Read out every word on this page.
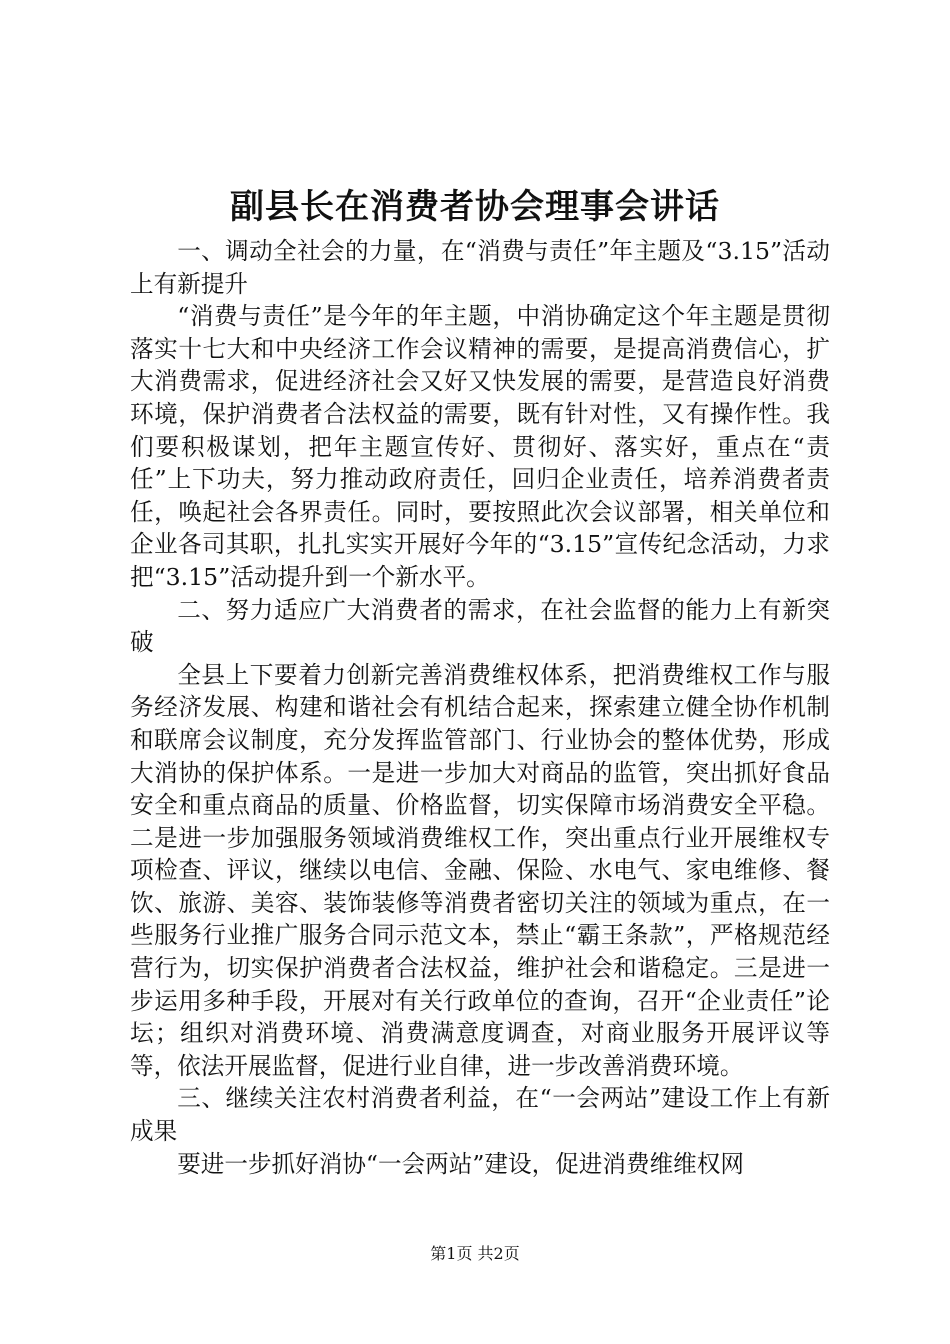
副县长在消费者协会理事会讲话

一、调动全社会的力量，在“消费与责任”年主题及“3.15”活动上有新提升

“消费与责任”是今年的年主题，中消协确定这个年主题是贯彻落实十七大和中央经济工作会议精神的需要，是提高消费信心，扩大消费需求，促进经济社会又好又快发展的需要，是营造良好消费环境，保护消费者合法权益的需要，既有针对性，又有操作性。我们要积极谋划，把年主题宣传好、贯彻好、落实好，重点在“责任”上下功夫，努力推动政府责任，回归企业责任，培养消费者责任，唤起社会各界责任。同时，要按照此次会议部署，相关单位和企业各司其职，扎扎实实开展好今年的“3.15”宣传纪念活动，力求把“3.15”活动提升到一个新水平。

二、努力适应广大消费者的需求，在社会监督的能力上有新突破

全县上下要着力创新完善消费维权体系，把消费维权工作与服务经济发展、构建和谐社会有机结合起来，探索建立健全协作机制和联席会议制度，充分发挥监管部门、行业协会的整体优势，形成大消协的保护体系。一是进一步加大对商品的监管，突出抓好食品安全和重点商品的质量、价格监督，切实保障市场消费安全平稳。二是进一步加强服务领域消费维权工作，突出重点行业开展维权专项检查、评议，继续以电信、金融、保险、水电气、家电维修、餐饮、旅游、美容、装饰装修等消费者密切关注的领域为重点，在一些服务行业推广服务合同示范文本，禁止“霸王条款”，严格规范经营行为，切实保护消费者合法权益，维护社会和谐稳定。三是进一步运用多种手段，开展对有关行政单位的查询，召开“企业责任”论坛；组织对消费环境、消费满意度调查，对商业服务开展评议等等，依法开展监督，促进行业自律，进一步改善消费环境。

三、继续关注农村消费者利益，在“一会两站”建设工作上有新成果

要进一步抓好消协“一会两站”建设，促进消费维维权网

第1页 共2页
